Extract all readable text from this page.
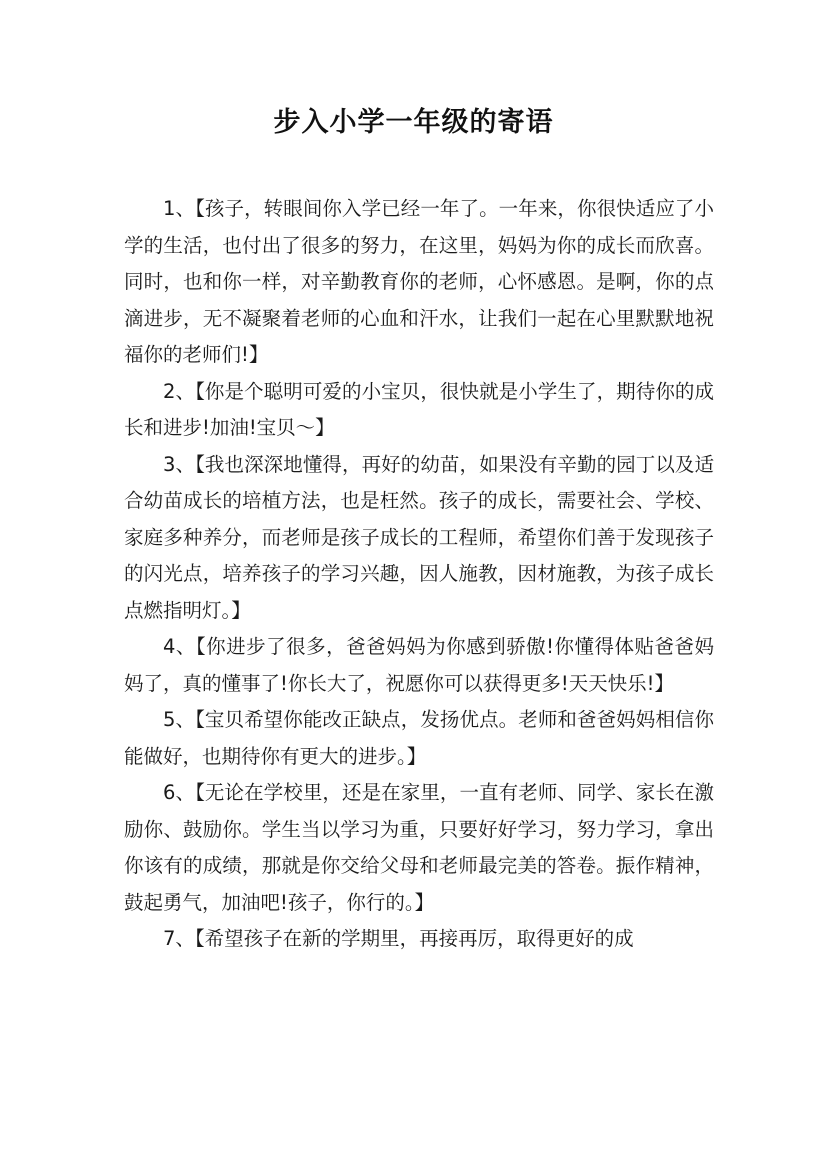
步入小学一年级的寄语

1、【孩子，转眼间你入学已经一年了。一年来，你很快适应了小学的生活，也付出了很多的努力，在这里，妈妈为你的成长而欣喜。同时，也和你一样，对辛勤教育你的老师，心怀感恩。是啊，你的点滴进步，无不凝聚着老师的心血和汗水，让我们一起在心里默默地祝福你的老师们!】

2、【你是个聪明可爱的小宝贝，很快就是小学生了，期待你的成长和进步!加油!宝贝～】

3、【我也深深地懂得，再好的幼苗，如果没有辛勤的园丁以及适合幼苗成长的培植方法，也是枉然。孩子的成长，需要社会、学校、家庭多种养分，而老师是孩子成长的工程师，希望你们善于发现孩子的闪光点，培养孩子的学习兴趣，因人施教，因材施教，为孩子成长点燃指明灯。】

4、【你进步了很多，爸爸妈妈为你感到骄傲!你懂得体贴爸爸妈妈了，真的懂事了!你长大了，祝愿你可以获得更多!天天快乐!】

5、【宝贝希望你能改正缺点，发扬优点。老师和爸爸妈妈相信你能做好，也期待你有更大的进步。】

6、【无论在学校里，还是在家里，一直有老师、同学、家长在激励你、鼓励你。学生当以学习为重，只要好好学习，努力学习，拿出你该有的成绩，那就是你交给父母和老师最完美的答卷。振作精神，鼓起勇气，加油吧!孩子，你行的。】

7、【希望孩子在新的学期里，再接再厉，取得更好的成
